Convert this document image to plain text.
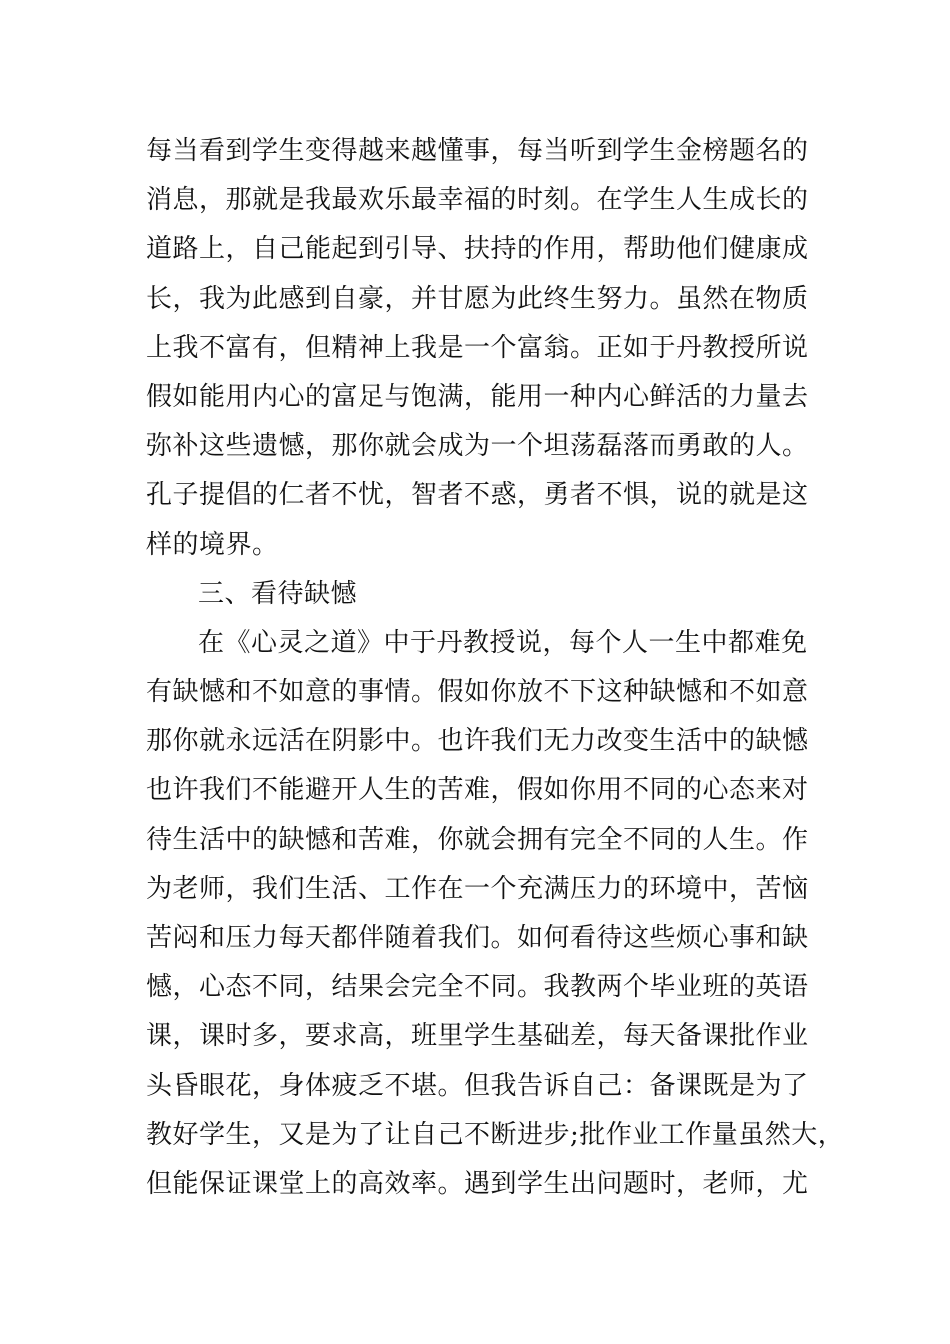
每当看到学生变得越来越懂事，每当听到学生金榜题名的
消息，那就是我最欢乐最幸福的时刻。在学生人生成长的
道路上，自己能起到引导、扶持的作用，帮助他们健康成
长，我为此感到自豪，并甘愿为此终生努力。虽然在物质
上我不富有，但精神上我是一个富翁。正如于丹教授所说
假如能用内心的富足与饱满，能用一种内心鲜活的力量去
弥补这些遗憾，那你就会成为一个坦荡磊落而勇敢的人。
孔子提倡的仁者不忧，智者不惑，勇者不惧，说的就是这
样的境界。
三、看待缺憾
在《心灵之道》中于丹教授说，每个人一生中都难免
有缺憾和不如意的事情。假如你放不下这种缺憾和不如意
那你就永远活在阴影中。也许我们无力改变生活中的缺憾
也许我们不能避开人生的苦难，假如你用不同的心态来对
待生活中的缺憾和苦难，你就会拥有完全不同的人生。作
为老师，我们生活、工作在一个充满压力的环境中，苦恼
苦闷和压力每天都伴随着我们。如何看待这些烦心事和缺
憾，心态不同，结果会完全不同。我教两个毕业班的英语
课，课时多，要求高，班里学生基础差，每天备课批作业
头昏眼花，身体疲乏不堪。但我告诉自己：备课既是为了
教好学生，又是为了让自己不断进步;批作业工作量虽然大，
但能保证课堂上的高效率。遇到学生出问题时，老师，尤
